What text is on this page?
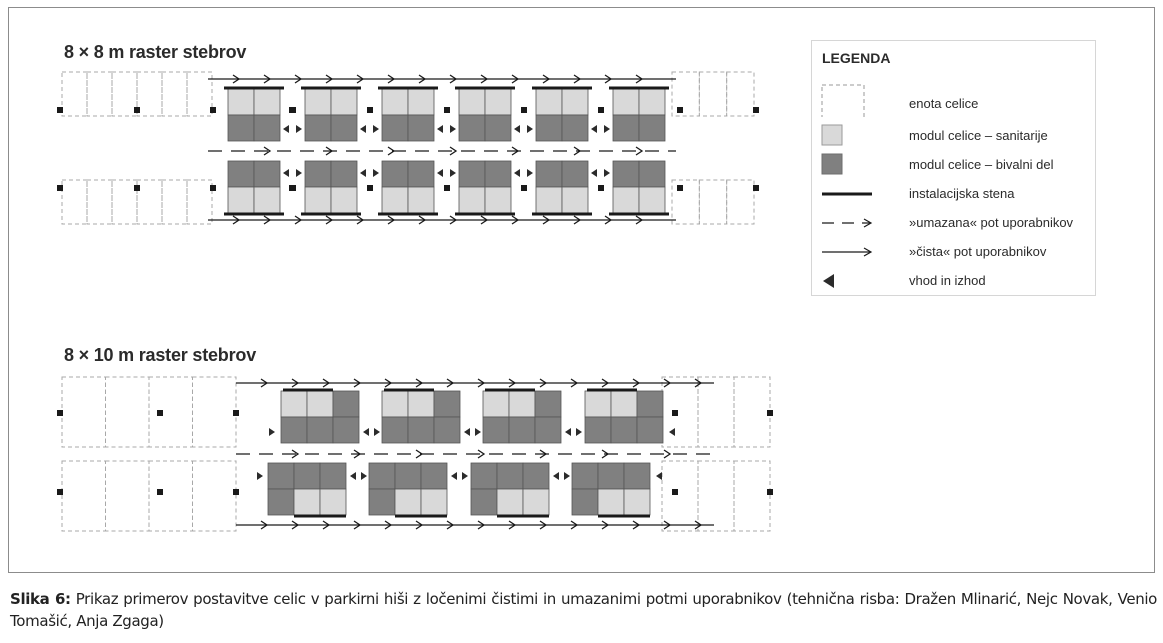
8 × 8 m raster stebrov
8 × 10 m raster stebrov
LEGENDA
enota celice
modul celice – sanitarije
modul celice – bivalni del
instalacijska stena
»umazana« pot uporabnikov
»čista« pot uporabnikov
vhod in izhod
Slika 6: Prikaz primerov postavitve celic v parkirni hiši z ločenimi čistimi in umazanimi potmi uporabnikov (tehnična risba: Dražen Mlinarić, Nejc Novak, Venio Tomašić, Anja Zgaga)
